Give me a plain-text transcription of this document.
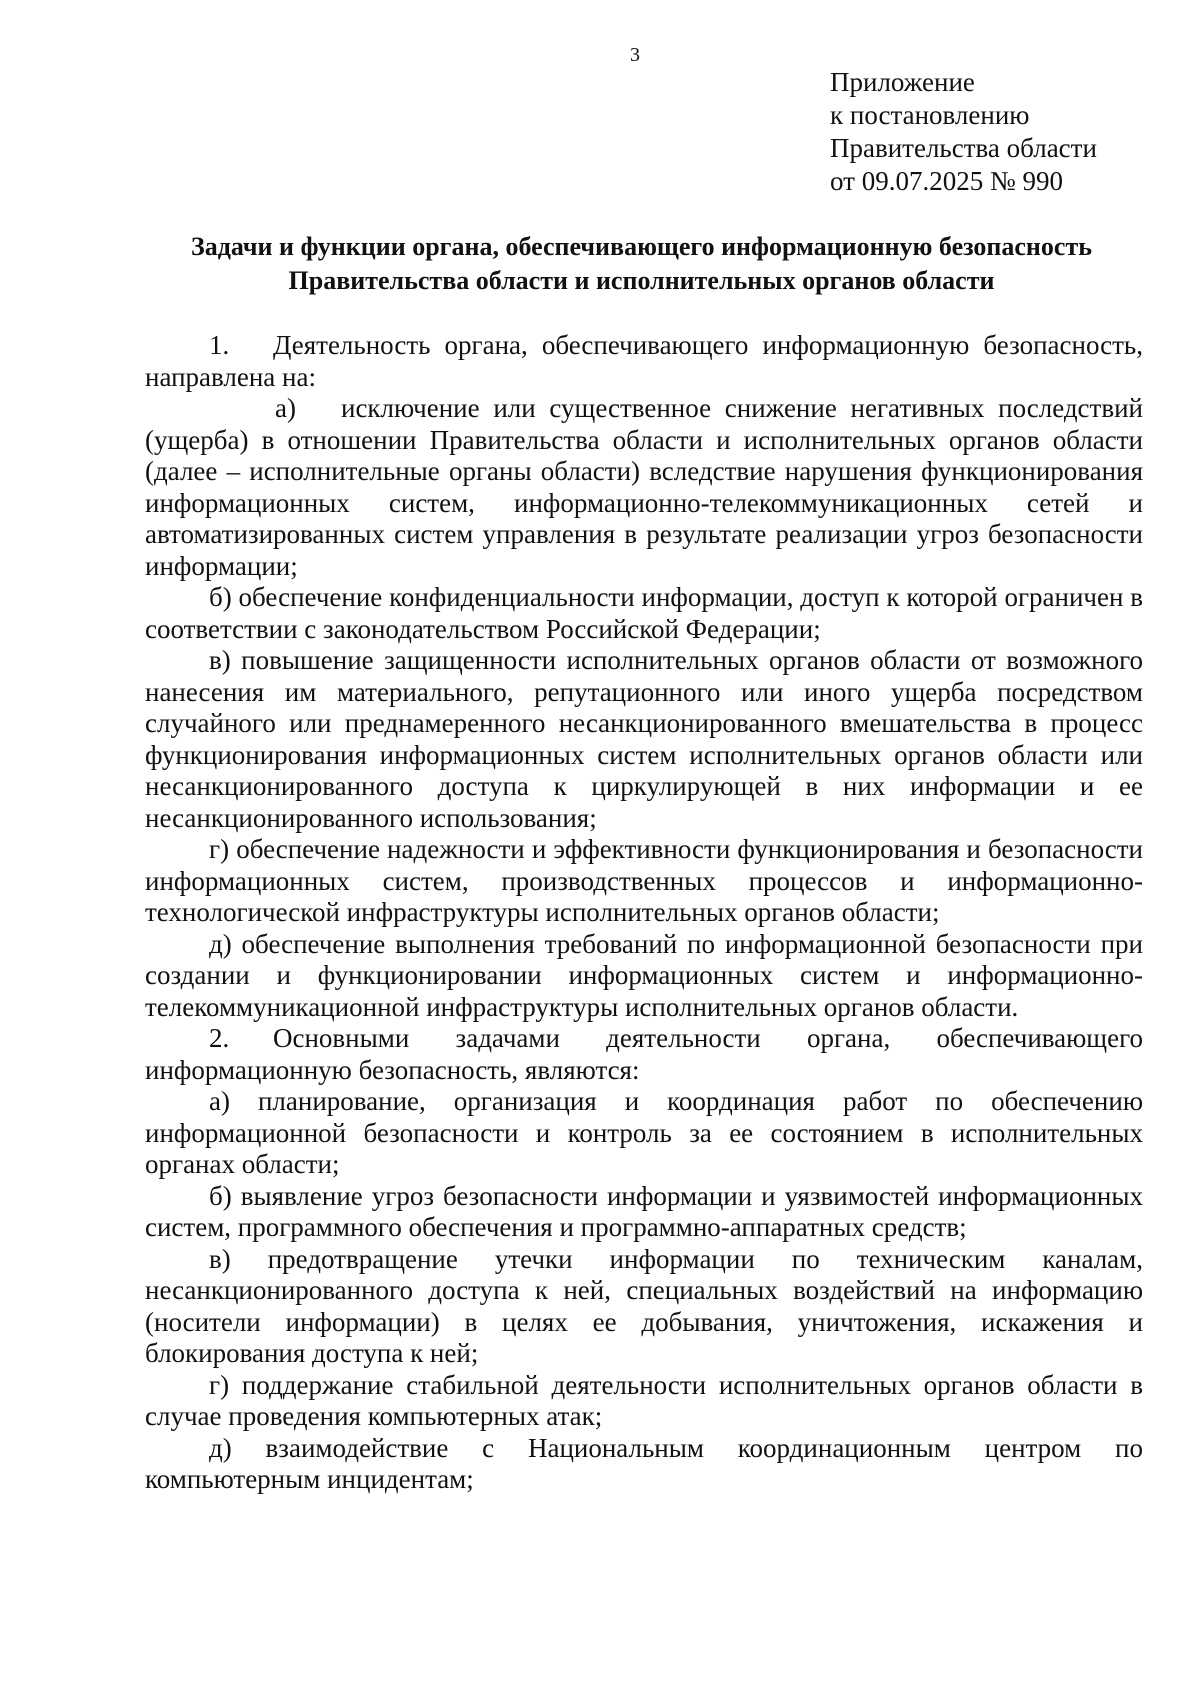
3
Приложение
к постановлению
Правительства области
от 09.07.2025 № 990
Задачи и функции органа, обеспечивающего информационную безопасность
Правительства области и исполнительных органов области

1. Деятельность органа, обеспечивающего информационную безопасность, направлена на:

а) исключение или существенное снижение негативных последствий (ущерба) в отношении Правительства области и исполнительных органов области (далее – исполнительные органы области) вследствие нарушения функционирования информационных систем, информационно-телекоммуникационных сетей и автоматизированных систем управления в результате реализации угроз безопасности информации;

б) обеспечение конфиденциальности информации, доступ к которой ограничен в соответствии с законодательством Российской Федерации;

в) повышение защищенности исполнительных органов области от возможного нанесения им материального, репутационного или иного ущерба посредством случайного или преднамеренного несанкционированного вмешательства в процесс функционирования информационных систем исполнительных органов области или несанкционированного доступа к циркулирующей в них информации и ее несанкционированного использования;

г) обеспечение надежности и эффективности функционирования и безопасности информационных систем, производственных процессов и информационно-технологической инфраструктуры исполнительных органов области;

д) обеспечение выполнения требований по информационной безопасности при создании и функционировании информационных систем и информационно-телекоммуникационной инфраструктуры исполнительных органов области.

2. Основными задачами деятельности органа, обеспечивающего информационную безопасность, являются:

а) планирование, организация и координация работ по обеспечению информационной безопасности и контроль за ее состоянием в исполнительных органах области;

б) выявление угроз безопасности информации и уязвимостей информационных систем, программного обеспечения и программно-аппаратных средств;

в) предотвращение утечки информации по техническим каналам, несанкционированного доступа к ней, специальных воздействий на информацию (носители информации) в целях ее добывания, уничтожения, искажения и блокирования доступа к ней;

г) поддержание стабильной деятельности исполнительных органов области в случае проведения компьютерных атак;

д) взаимодействие с Национальным координационным центром по компьютерным инцидентам;
